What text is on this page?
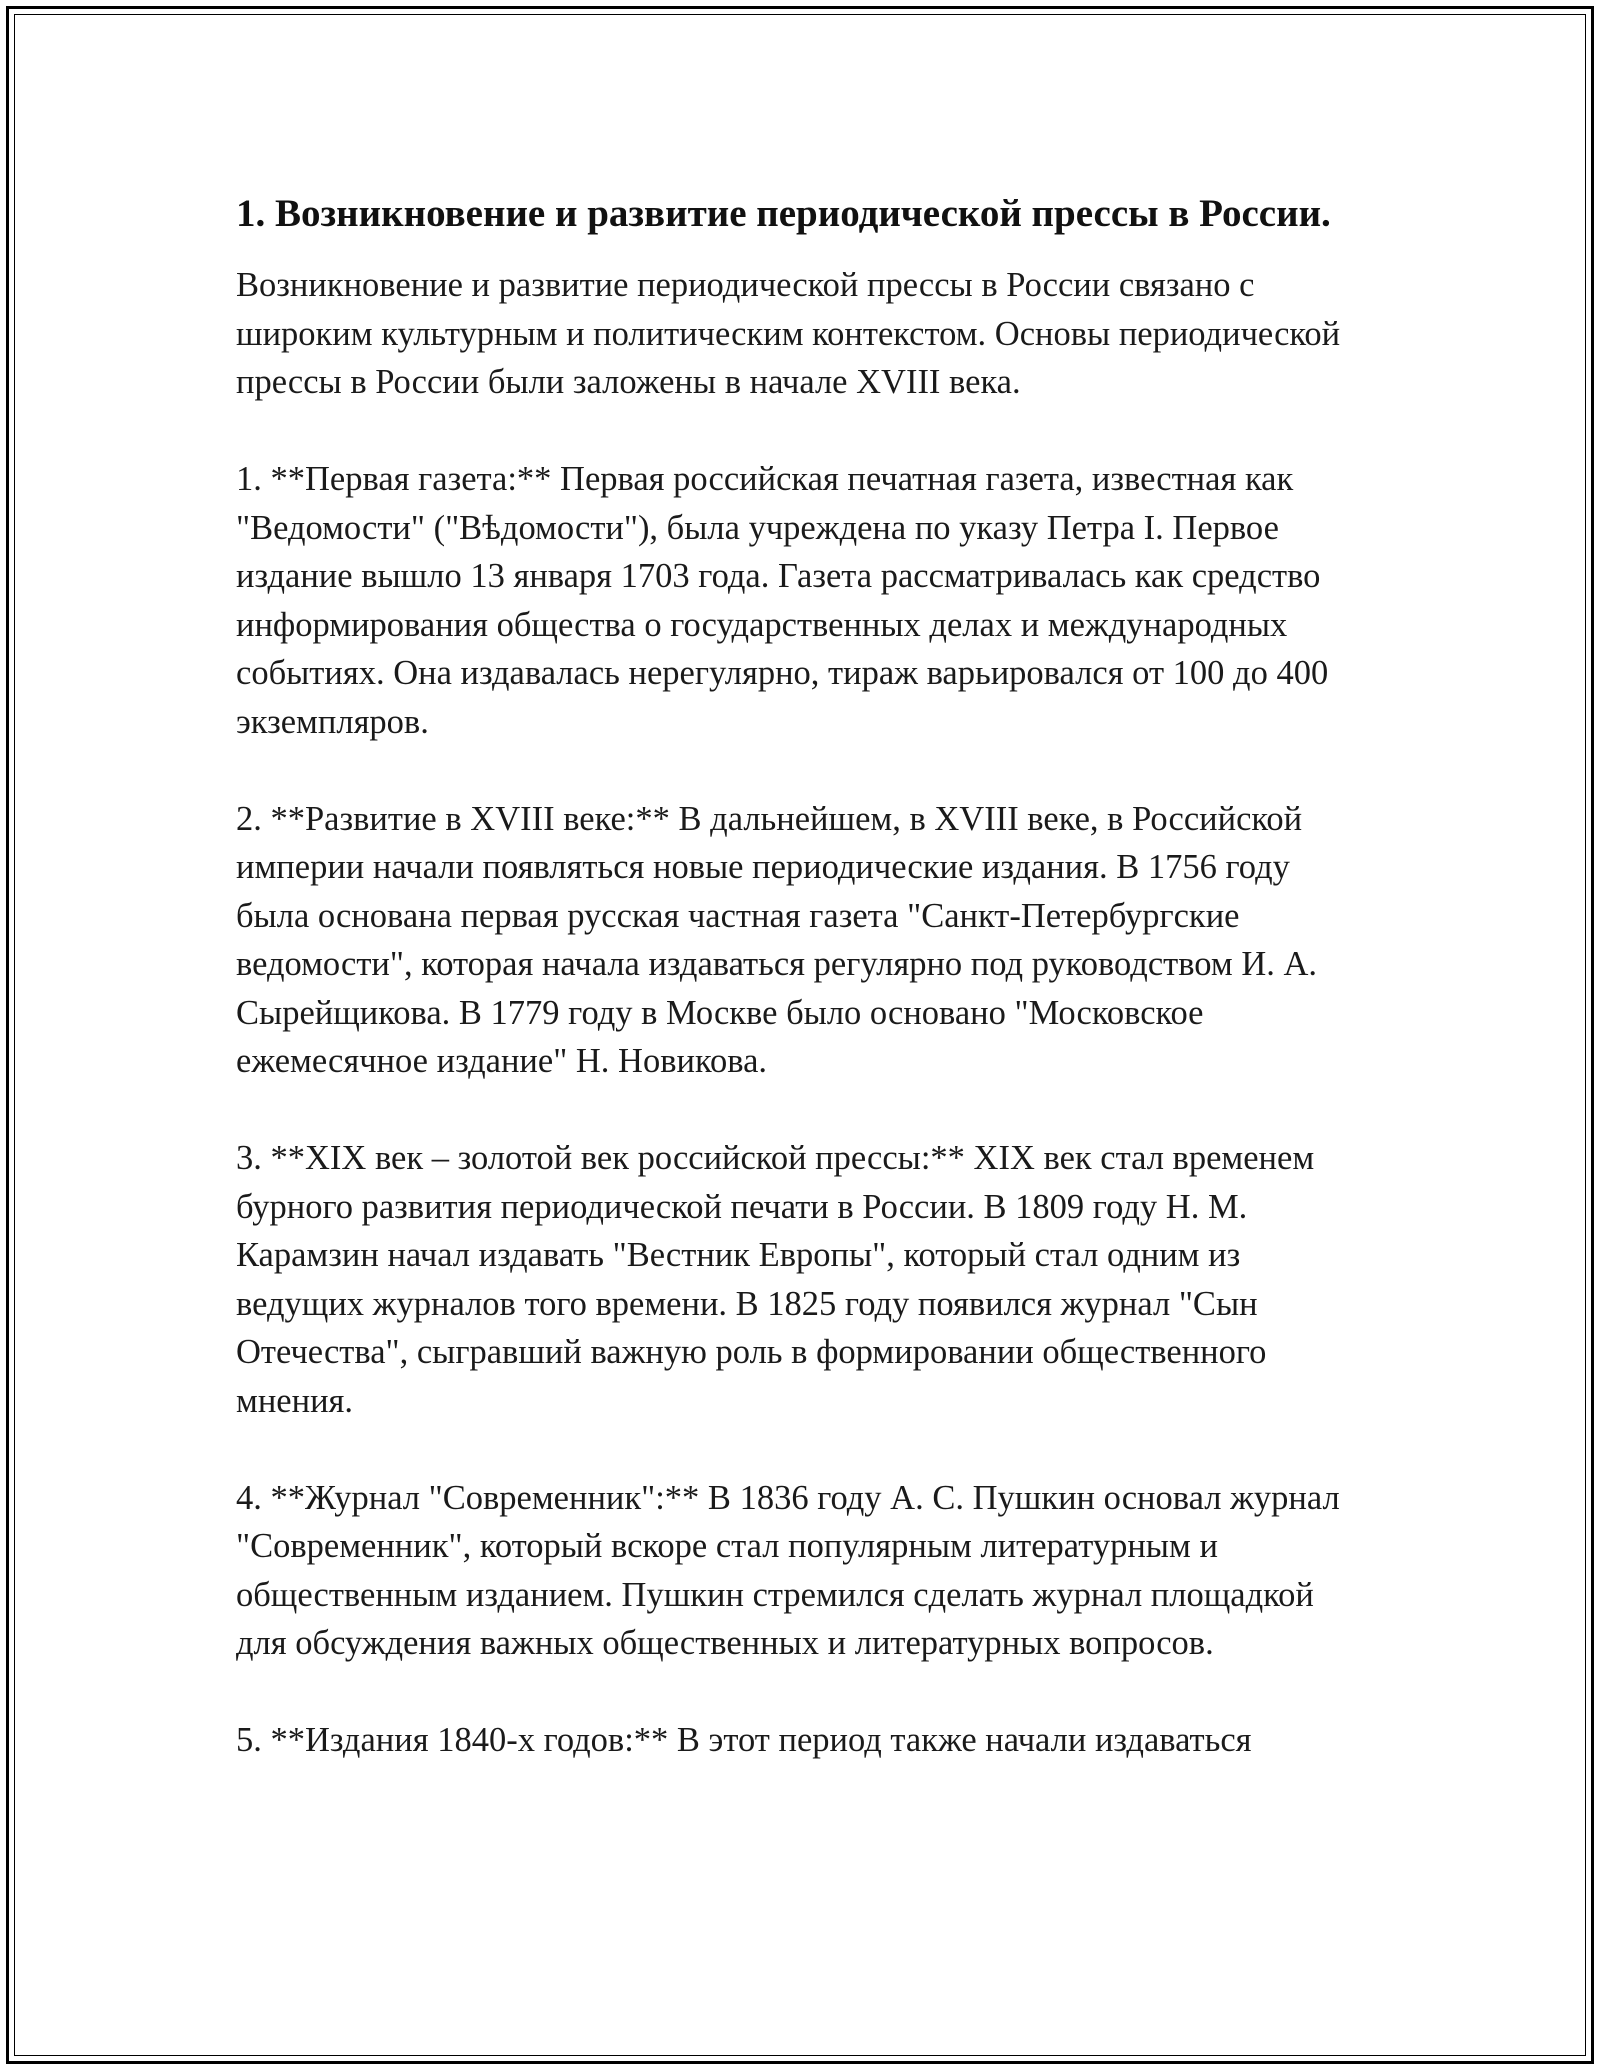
1. Возникновение и развитие периодической прессы в России.

Возникновение и развитие периодической прессы в России связано с широким культурным и политическим контекстом. Основы периодической прессы в России были заложены в начале XVIII века.

1. **Первая газета:** Первая российская печатная газета, известная как "Ведомости" ("Вѣдомости"), была учреждена по указу Петра I. Первое издание вышло 13 января 1703 года. Газета рассматривалась как средство информирования общества о государственных делах и международных событиях. Она издавалась нерегулярно, тираж варьировался от 100 до 400 экземпляров.

2. **Развитие в XVIII веке:** В дальнейшем, в XVIII веке, в Российской империи начали появляться новые периодические издания. В 1756 году была основана первая русская частная газета "Санкт-Петербургские ведомости", которая начала издаваться регулярно под руководством И. А. Сырейщикова. В 1779 году в Москве было основано "Московское ежемесячное издание" Н. Новикова.

3. **XIX век – золотой век российской прессы:** XIX век стал временем бурного развития периодической печати в России. В 1809 году Н. М. Карамзин начал издавать "Вестник Европы", который стал одним из ведущих журналов того времени. В 1825 году появился журнал "Сын Отечества", сыгравший важную роль в формировании общественного мнения.

4. **Журнал "Современник":** В 1836 году А. С. Пушкин основал журнал "Современник", который вскоре стал популярным литературным и общественным изданием. Пушкин стремился сделать журнал площадкой для обсуждения важных общественных и литературных вопросов.

5. **Издания 1840-х годов:** В этот период также начали издаваться
